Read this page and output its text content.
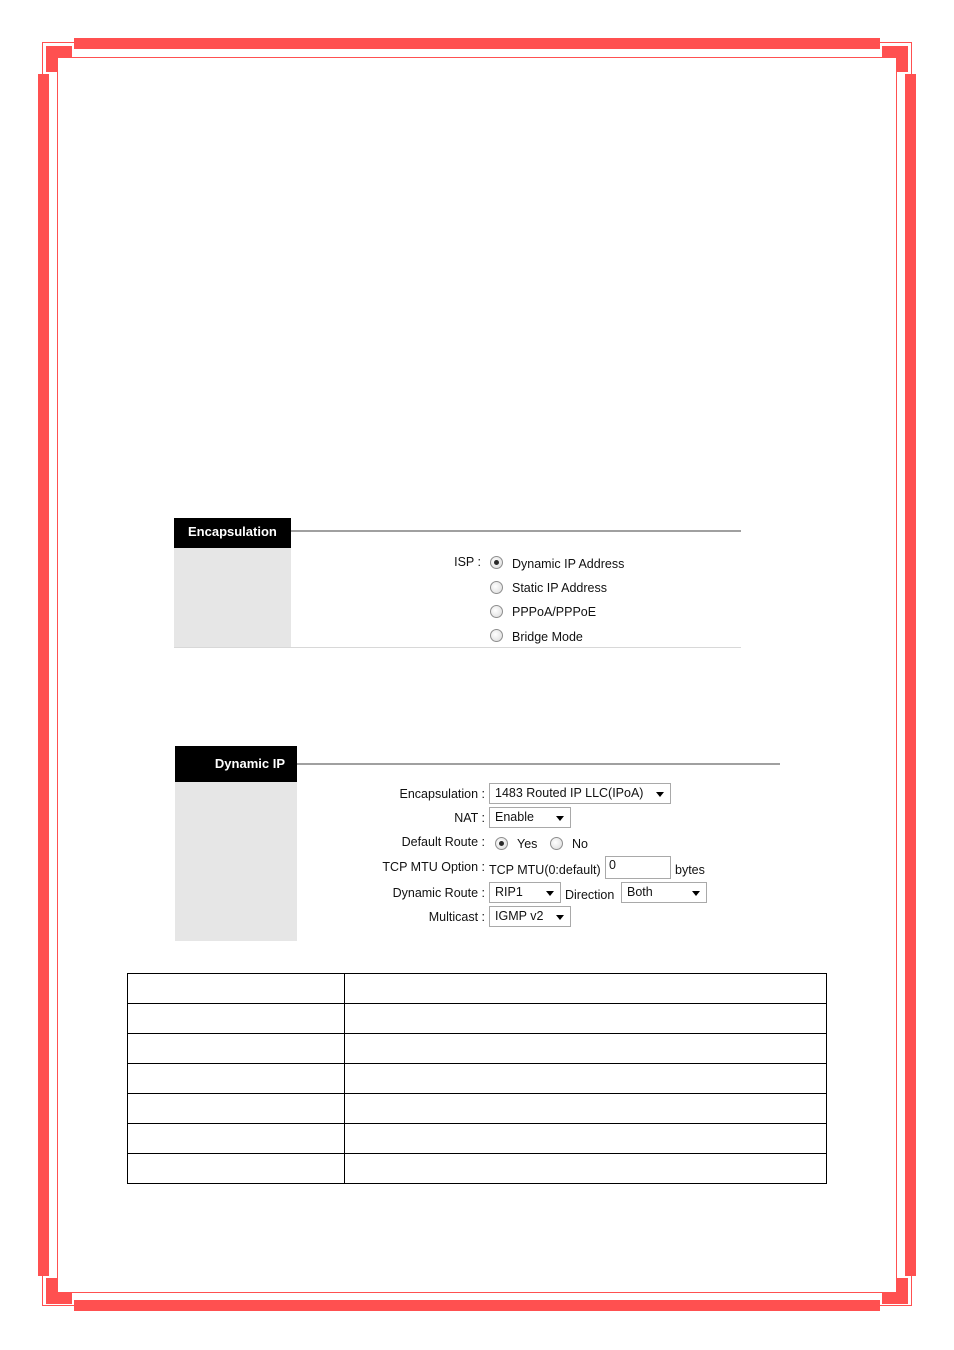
Encapsulation
ISP : Dynamic IP Address
Static IP Address
PPPoA/PPPoE
Bridge Mode
Dynamic IP
Encapsulation : 1483 Routed IP LLC(IPoA)
NAT : Enable
Default Route :	Yes	No
TCP MTU Option : TCP MTU(0:default) 0	bytes
Dynamic Route : RIP1	Direction	Both
Multicast : IGMP v2
